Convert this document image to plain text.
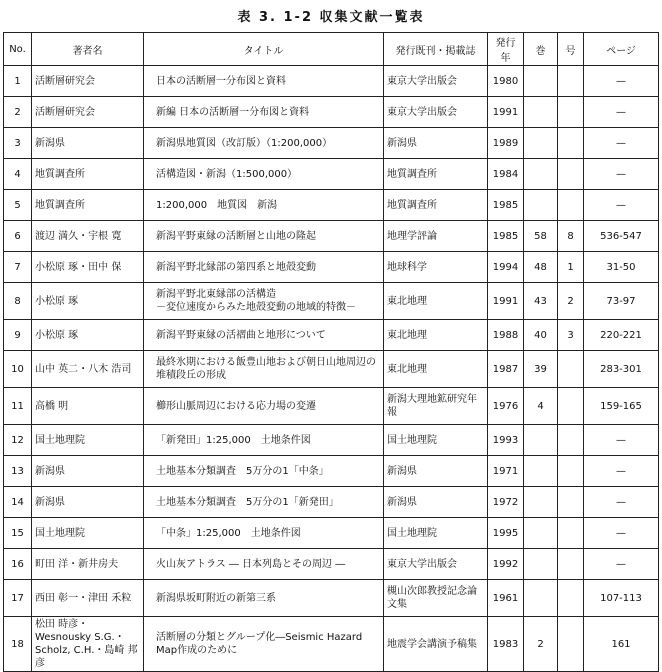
表 3. 1-2 収集文献一覧表
No.	著者名	タイトル	発行既刊・掲載誌	発行年	巻	号	ページ
1	活断層研究会	日本の活断層一分布図と資料	東京大学出版会	1980			—
2	活断層研究会	新編 日本の活断層一分布図と資料	東京大学出版会	1991			—
3	新潟県	新潟県地質図（改訂版）（1:200,000）	新潟県	1989			—
4	地質調査所	活構造図・新潟（1:500,000）	地質調査所	1984			—
5	地質調査所	1:200,000　地質図　新潟	地質調査所	1985			—
6	渡辺 満久・宇根 寛	新潟平野東縁の活断層と山地の隆起	地理学評論	1985	58	8	536-547
7	小松原 琢・田中 保	新潟平野北縁部の第四系と地殻変動	地球科学	1994	48	1	31-50
8	小松原 琢	新潟平野北東縁部の活構造
－変位速度からみた地殻変動の地域的特徴－	東北地理	1991	43	2	73-97
9	小松原 琢	新潟平野東縁の活褶曲と地形について	東北地理	1988	40	3	220-221
10	山中 英二・八木 浩司	最終氷期における飯豊山地および朝日山地周辺の堆積段丘の形成	東北地理	1987	39		283-301
11	高橋 明	櫛形山脈周辺における応力場の変遷	新潟大理地鉱研究年報	1976	4		159-165
12	国土地理院	「新発田」1:25,000　土地条件図	国土地理院	1993			—
13	新潟県	土地基本分類調査　5万分の1「中条」	新潟県	1971			—
14	新潟県	土地基本分類調査　5万分の1「新発田」	新潟県	1972			—
15	国土地理院	「中条」1:25,000　土地条件図	国土地理院	1995			—
16	町田 洋・新井房夫	火山灰アトラス ― 日本列島とその周辺 ―	東京大学出版会	1992			—
17	西田 彰一・津田 禾粒	新潟県坂町附近の新第三系	槻山次郎教授記念論文集	1961			107-113
18	松田 時彦・Wesnousky S.G.・Scholz, C.H.・島崎 邦彦	活断層の分類とグループ化―Seismic Hazard Map作成のために	地震学会講演予稿集	1983	2		161
